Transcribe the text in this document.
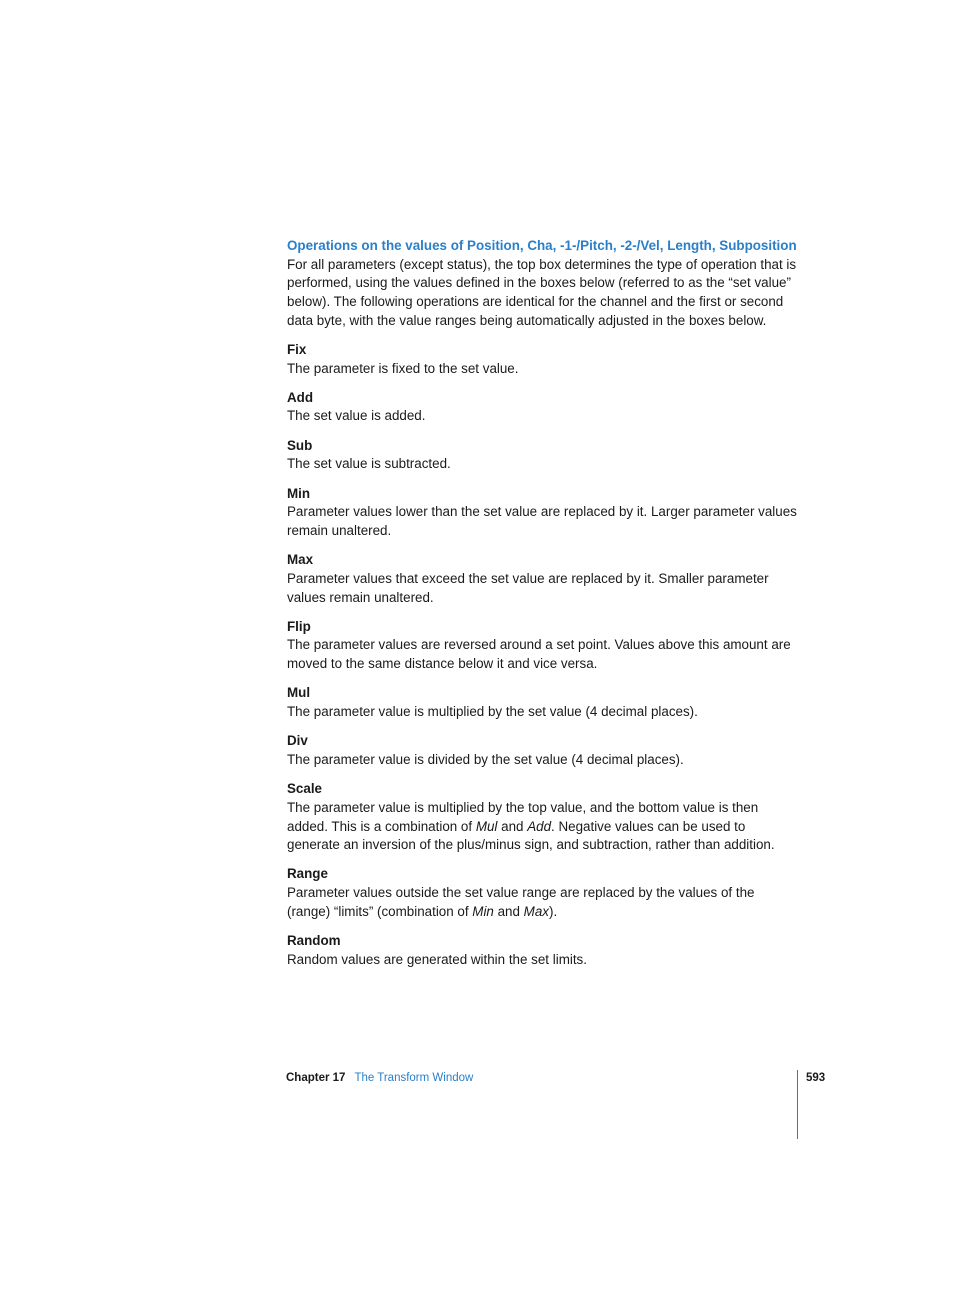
Operations on the values of Position, Cha, -1-/Pitch, -2-/Vel, Length, Subposition

For all parameters (except status), the top box determines the type of operation that is performed, using the values defined in the boxes below (referred to as the “set value” below). The following operations are identical for the channel and the first or second data byte, with the value ranges being automatically adjusted in the boxes below.

Fix

The parameter is fixed to the set value.

Add

The set value is added.

Sub

The set value is subtracted.

Min

Parameter values lower than the set value are replaced by it. Larger parameter values remain unaltered.

Max

Parameter values that exceed the set value are replaced by it. Smaller parameter values remain unaltered.

Flip

The parameter values are reversed around a set point. Values above this amount are moved to the same distance below it and vice versa.

Mul

The parameter value is multiplied by the set value (4 decimal places).

Div

The parameter value is divided by the set value (4 decimal places).

Scale

The parameter value is multiplied by the top value, and the bottom value is then added. This is a combination of Mul and Add. Negative values can be used to generate an inversion of the plus/minus sign, and subtraction, rather than addition.

Range

Parameter values outside the set value range are replaced by the values of the (range) “limits” (combination of Min and Max).

Random

Random values are generated within the set limits.

Chapter 17 The Transform Window	593
